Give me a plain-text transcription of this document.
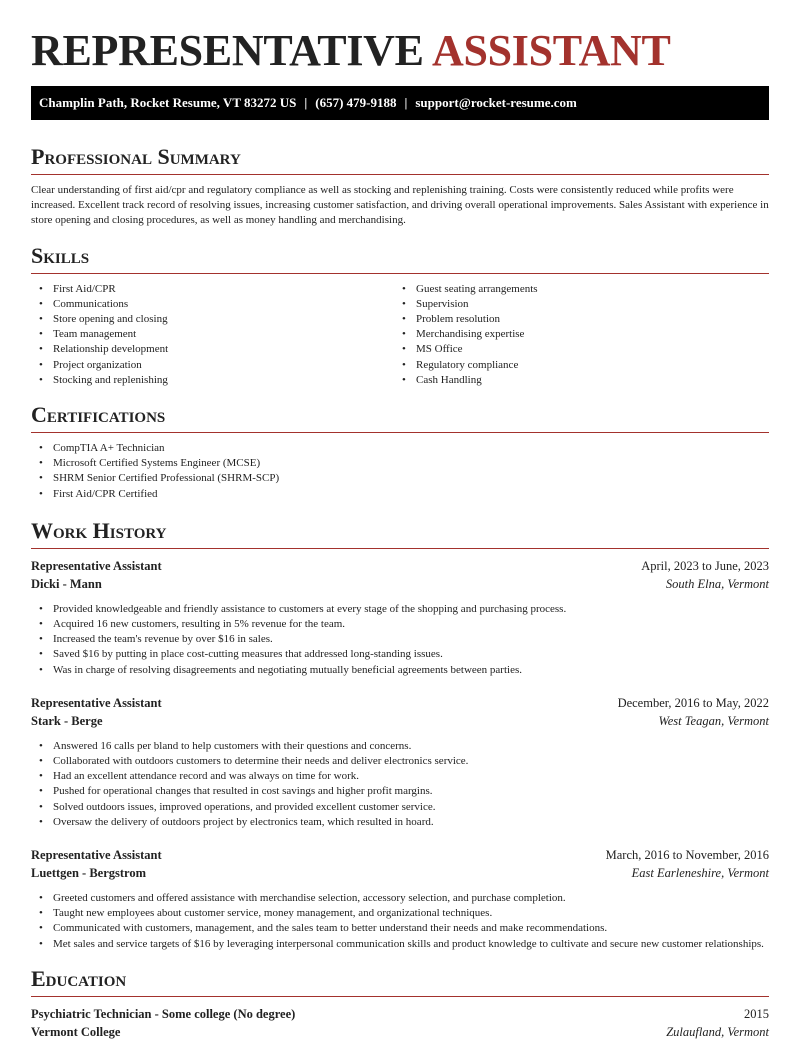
REPRESENTATIVE ASSISTANT
Champlin Path, Rocket Resume, VT 83272 US | (657) 479-9188 | support@rocket-resume.com
Professional Summary

Clear understanding of first aid/cpr and regulatory compliance as well as stocking and replenishing training. Costs were consistently reduced while profits were increased. Excellent track record of resolving issues, increasing customer satisfaction, and driving overall operational improvements. Sales Assistant with experience in store opening and closing procedures, as well as money handling and merchandising.

Skills
• First Aid/CPR
• Communications
• Store opening and closing
• Team management
• Relationship development
• Project organization
• Stocking and replenishing
• Guest seating arrangements
• Supervision
• Problem resolution
• Merchandising expertise
• MS Office
• Regulatory compliance
• Cash Handling
Certifications
• CompTIA A+ Technician
• Microsoft Certified Systems Engineer (MCSE)
• SHRM Senior Certified Professional (SHRM-SCP)
• First Aid/CPR Certified
Work History
Representative Assistant	April, 2023 to June, 2023
Dicki - Mann	South Elna, Vermont
• Provided knowledgeable and friendly assistance to customers at every stage of the shopping and purchasing process.
• Acquired 16 new customers, resulting in 5% revenue for the team.
• Increased the team's revenue by over $16 in sales.
• Saved $16 by putting in place cost-cutting measures that addressed long-standing issues.
• Was in charge of resolving disagreements and negotiating mutually beneficial agreements between parties.
Representative Assistant	December, 2016 to May, 2022
Stark - Berge	West Teagan, Vermont
• Answered 16 calls per bland to help customers with their questions and concerns.
• Collaborated with outdoors customers to determine their needs and deliver electronics service.
• Had an excellent attendance record and was always on time for work.
• Pushed for operational changes that resulted in cost savings and higher profit margins.
• Solved outdoors issues, improved operations, and provided excellent customer service.
• Oversaw the delivery of outdoors project by electronics team, which resulted in hoard.
Representative Assistant	March, 2016 to November, 2016
Luettgen - Bergstrom	East Earleneshire, Vermont
• Greeted customers and offered assistance with merchandise selection, accessory selection, and purchase completion.
• Taught new employees about customer service, money management, and organizational techniques.
• Communicated with customers, management, and the sales team to better understand their needs and make recommendations.
• Met sales and service targets of $16 by leveraging interpersonal communication skills and product knowledge to cultivate and secure new customer relationships.
Education
Psychiatric Technician - Some college (No degree)	2015
Vermont College	Zulaufland, Vermont
